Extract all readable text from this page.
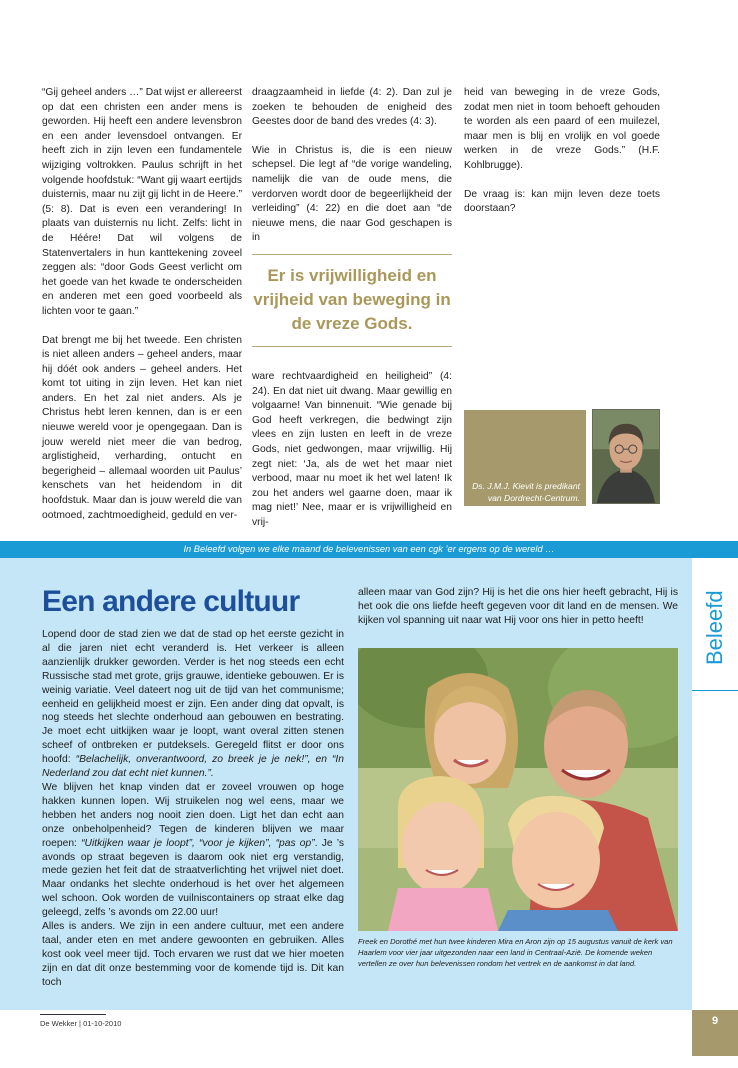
“Gij geheel anders …” Dat wijst er allereerst op dat een christen een ander mens is geworden. Hij heeft een andere levensbron en een ander levensdoel ontvangen. Er heeft zich in zijn leven een fundamentele wijziging voltrokken. Paulus schrijft in het volgende hoofdstuk: “Want gij waart eertijds duisternis, maar nu zijt gij licht in de Heere.” (5: 8). Dat is even een verandering! In plaats van duisternis nu licht. Zelfs: licht in de Héére! Dat wil volgens de Statenvertalers in hun kanttekening zoveel zeggen als: “door Gods Geest verlicht om het goede van het kwade te onderscheiden en anderen met een goed voorbeeld als lichten voor te gaan.”

Dat brengt me bij het tweede. Een christen is niet alleen anders – geheel anders, maar hij dóét ook anders – geheel anders. Het komt tot uiting in zijn leven. Het kan niet anders. En het zal niet anders. Als je Christus hebt leren kennen, dan is er een nieuwe wereld voor je opengegaan. Dan is jouw wereld niet meer die van bedrog, arglistigheid, verharding, ontucht en begerigheid – allemaal woorden uit Paulus’ kenschets van het heidendom in dit hoofdstuk. Maar dan is jouw wereld die van ootmoed, zachtmoedigheid, geduld en ver-

draagzaamheid in liefde (4: 2). Dan zul je zoeken te behouden de enigheid des Geestes door de band des vredes (4: 3).

Wie in Christus is, die is een nieuw schepsel. Die legt af “de vorige wandeling, namelijk die van de oude mens, die verdorven wordt door de begeerlijkheid der verleiding” (4: 22) en die doet aan “de nieuwe mens, die naar God geschapen is in

Er is vrijwilligheid en vrijheid van beweging in de vreze Gods.

ware rechtvaardigheid en heiligheid” (4: 24). En dat niet uit dwang. Maar gewillig en volgaarne! Van binnenuit. “Wie genade bij God heeft verkregen, die bedwingt zijn vlees en zijn lusten en leeft in de vreze Gods, niet gedwongen, maar vrijwillig. Hij zegt niet: ‘Ja, als de wet het maar niet verbood, maar nu moet ik het wel laten! Ik zou het anders wel gaarne doen, maar ik mag niet!’ Nee, maar er is vrijwilligheid en vrij-

heid van beweging in de vreze Gods, zodat men niet in toom behoeft gehouden te worden als een paard of een muilezel, maar men is blij en vrolijk en vol goede werken in de vreze Gods.” (H.F. Kohlbrugge).

De vraag is: kan mijn leven deze toets doorstaan?

Ds. J.M.J. Kievit is predikant
van Dordrecht-Centrum.
In Beleefd volgen we elke maand de belevenissen van een cgk ’er ergens op de wereld …
Beleefd
Een andere cultuur
Lopend door de stad zien we dat de stad op het eerste gezicht in al die jaren niet echt veranderd is. Het verkeer is alleen aanzienlijk drukker geworden. Verder is het nog steeds een echt Russische stad met grote, grijs grauwe, identieke gebouwen. Er is weinig variatie. Veel dateert nog uit de tijd van het communisme; eenheid en gelijkheid moest er zijn. Een ander ding dat opvalt, is nog steeds het slechte onderhoud aan gebouwen en bestrating. Je moet echt uitkijken waar je loopt, want overal zitten stenen scheef of ontbreken er putdeksels. Geregeld flitst er door ons hoofd: “Belachelijk, onverantwoord, zo breek je je nek!”, en “In Nederland zou dat echt niet kunnen.”.
We blijven het knap vinden dat er zoveel vrouwen op hoge hakken kunnen lopen. Wij struikelen nog wel eens, maar we hebben het anders nog nooit zien doen. Ligt het dan echt aan onze onbeholpenheid? Tegen de kinderen blijven we maar roepen: “Uitkijken waar je loopt”, “voor je kijken”, “pas op”. Je ’s avonds op straat begeven is daarom ook niet erg verstandig, mede gezien het feit dat de straatverlichting het vrijwel niet doet. Maar ondanks het slechte onderhoud is het over het algemeen wel schoon. Ook worden de vuilniscontainers op straat elke dag geleegd, zelfs ’s avonds om 22.00 uur!
Alles is anders. We zijn in een andere cultuur, met een andere taal, ander eten en met andere gewoonten en gebruiken. Alles kost ook veel meer tijd. Toch ervaren we rust dat we hier moeten zijn en dat dit onze bestemming voor de komende tijd is. Dit kan toch
alleen maar van God zijn? Hij is het die ons hier heeft gebracht, Hij is het ook die ons liefde heeft gegeven voor dit land en de mensen. We kijken vol spanning uit naar wat Hij voor ons hier in petto heeft!
Freek en Dorothé met hun twee kinderen Mira en Aron zijn op 15 augustus vanuit de kerk van Haarlem voor vier jaar uitgezonden naar een land in Centraal-Azië. De komende weken vertellen ze over hun belevenissen rondom het vertrek en de aankomst in dat land.
De Wekker | 01-10-2010	9
